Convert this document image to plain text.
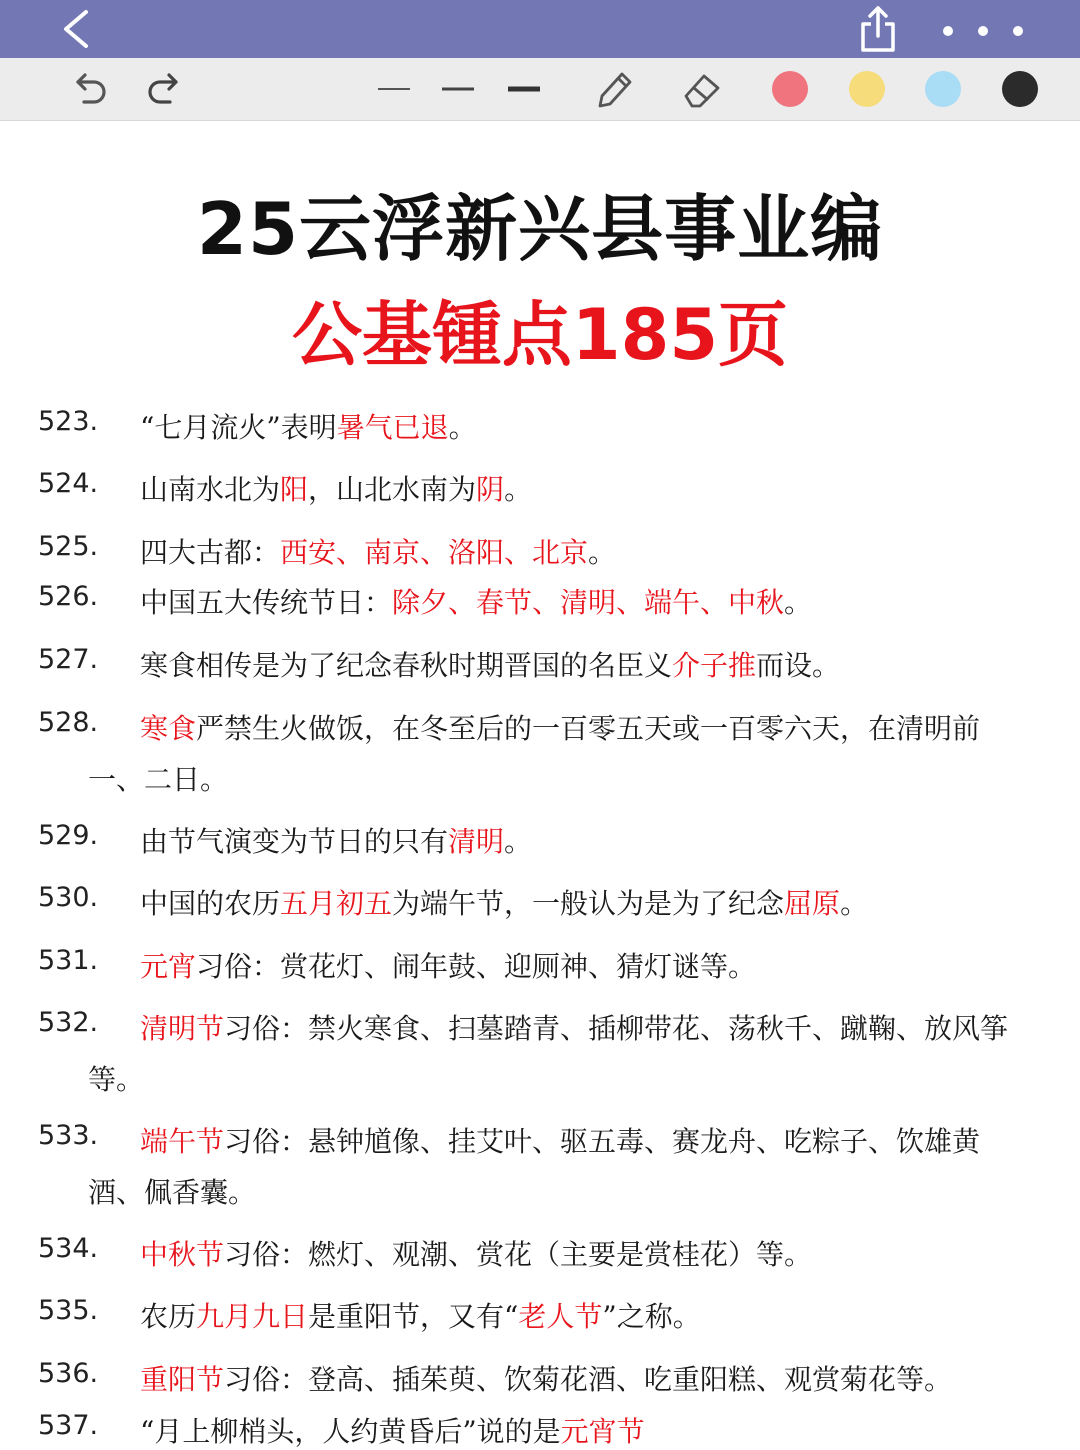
25云浮新兴县事业编
公基锺点185页
523. “七月流火”表明暑气已退。
524. 山南水北为阳，山北水南为阴。
525. 四大古都：西安、南京、洛阳、北京。
526. 中国五大传统节日：除夕、春节、清明、端午、中秋。
527. 寒食相传是为了纪念春秋时期晋国的名臣义介子推而设。
528. 寒食严禁生火做饭，在冬至后的一百零五天或一百零六天，在清明前
一、二日。
529. 由节气演变为节日的只有清明。
530. 中国的农历五月初五为端午节，一般认为是为了纪念屈原。
531. 元宵习俗：赏花灯、闹年鼓、迎厕神、猜灯谜等。
532. 清明节习俗：禁火寒食、扫墓踏青、插柳带花、荡秋千、蹴鞠、放风筝
等。
533. 端午节习俗：悬钟馗像、挂艾叶、驱五毒、赛龙舟、吃粽子、饮雄黄
酒、佩香囊。
534. 中秋节习俗：燃灯、观潮、赏花（主要是赏桂花）等。
535. 农历九月九日是重阳节，又有“老人节”之称。
536. 重阳节习俗：登高、插茱萸、饮菊花酒、吃重阳糕、观赏菊花等。
537. “月上柳梢头，人约黄昏后”说的是元宵节
